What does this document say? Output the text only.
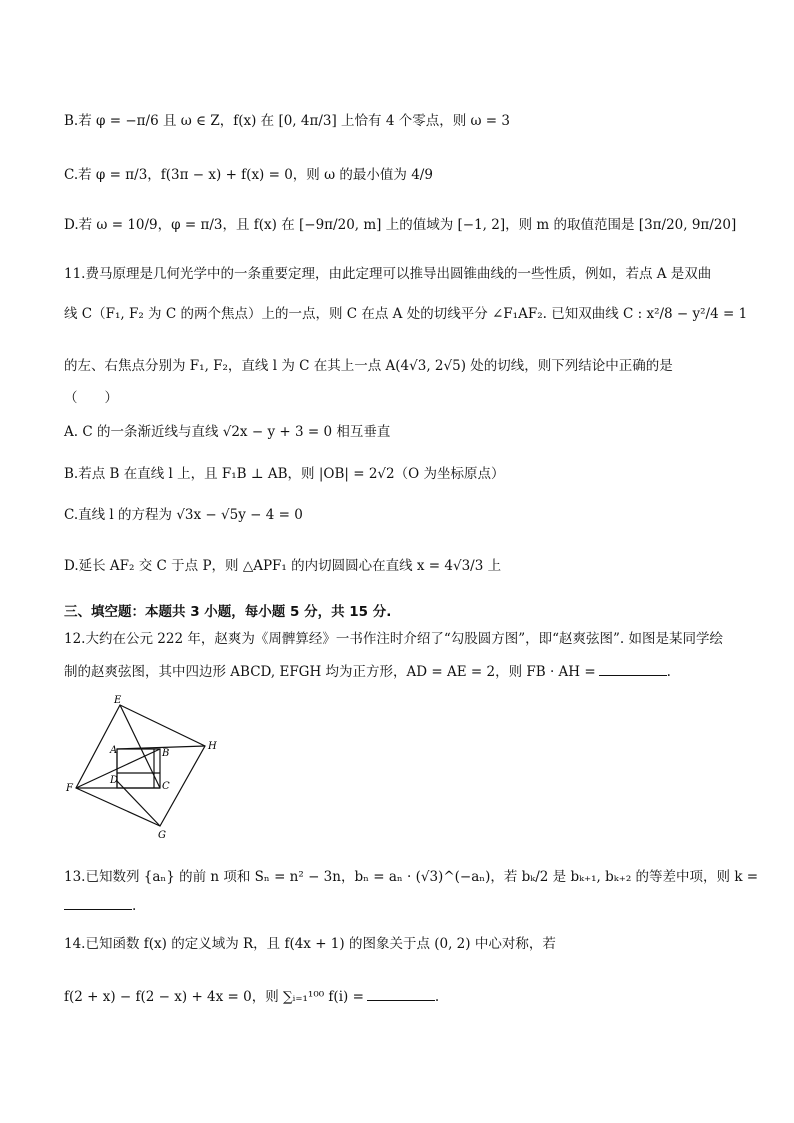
B.若 φ = −π/6 且 ω ∈ Z，f(x) 在 [0, 4π/3] 上恰有 4 个零点，则 ω = 3
C.若 φ = π/3，f(3π − x) + f(x) = 0，则 ω 的最小值为 4/9
D.若 ω = 10/9，φ = π/3，且 f(x) 在 [−9π/20, m] 上的值域为 [−1, 2]，则 m 的取值范围是 [3π/20, 9π/20]
11.费马原理是几何光学中的一条重要定理，由此定理可以推导出圆锥曲线的一些性质，例如，若点 A 是双曲
线 C（F₁, F₂ 为 C 的两个焦点）上的一点，则 C 在点 A 处的切线平分 ∠F₁AF₂. 已知双曲线 C : x²/8 − y²/4 = 1
的左、右焦点分别为 F₁, F₂，直线 l 为 C 在其上一点 A(4√3, 2√5) 处的切线，则下列结论中正确的是
（　　）
A. C 的一条渐近线与直线 √2x − y + 3 = 0 相互垂直
B.若点 B 在直线 l 上，且 F₁B ⊥ AB，则 |OB| = 2√2（O 为坐标原点）
C.直线 l 的方程为 √3x − √5y − 4 = 0
D.延长 AF₂ 交 C 于点 P，则 △APF₁ 的内切圆圆心在直线 x = 4√3/3 上
三、填空题：本题共 3 小题，每小题 5 分，共 15 分.
12.大约在公元 222 年，赵爽为《周髀算经》一书作注时介绍了“勾股圆方图”，即“赵爽弦图”. 如图是某同学绘
制的赵爽弦图，其中四边形 ABCD, EFGH 均为正方形，AD = AE = 2，则 FB · AH =	.
E
A	B
H
D
F	C
G
13.已知数列 {aₙ} 的前 n 项和 Sₙ = n² − 3n，bₙ = aₙ · (√3)^(−aₙ)，若 bₖ/2 是 bₖ₊₁, bₖ₊₂ 的等差中项，则 k =
.
14.已知函数 f(x) 的定义域为 R，且 f(4x + 1) 的图象关于点 (0, 2) 中心对称，若
f(2 + x) − f(2 − x) + 4x = 0，则 ∑ᵢ₌₁¹⁰⁰ f(i) =	.
